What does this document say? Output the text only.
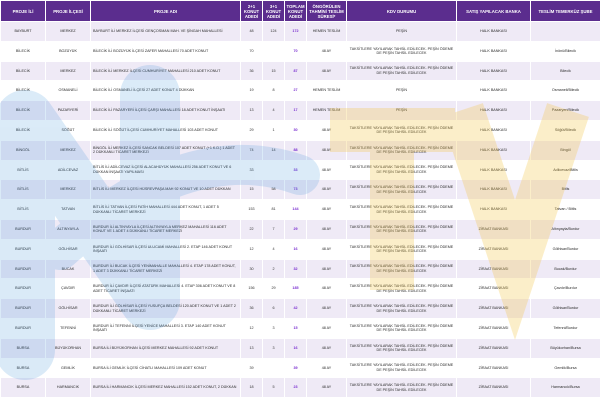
PROJE İLİ	PROJE İLÇESİ	PROJE ADI	2+1 KONUT ADEDİ	3+1 KONUT ADEDİ	TOPLAM KONUT ADEDİ	ÖNGÖRÜLEN TAHMİNİ TESLİM SÜRESİ*	KDV DURUMU	SATIŞ YAPILACAK BANKA	TESLİM TEMERKÜZ ŞUBE
BAYBURT	MERKEZ	BAYBURT İLİ MERKEZ İLÇESİ GENÇOSMAN MAH. VE ŞİNGAH MAHALLESİ	48	124	172	HEMEN TESLİM	PEŞİN	HALK BANKASI	
BİLECİK	BOZÜYÜK	BİLECİK İLİ BOZÜYÜK İLÇESİ ZAFER MAHALLESİ 70 ADET KONUT	70		70	48 AY	TAKSİTLERE YAYILARAK TAHSİL EDİLECEK. PEŞİN ÖDEME DE PEŞİN TAHSİL EDİLECEK	HALK BANKASI	İnönü/Bilecik
BİLECİK	MERKEZ	BİLECİK İLİ MERKEZ İLÇESİ CUMHURİYET MAHALLESİ 210 ADET KONUT	36	15	87	48 AY	TAKSİTLERE YAYILARAK TAHSİL EDİLECEK. PEŞİN ÖDEME DE PEŞİN TAHSİL EDİLECEK	HALK BANKASI	Bilecik
BİLECİK	OSMANELİ	BİLECİK İLİ OSMANELİ İLÇESİ 27 ADET KONUT 4 DÜKKAN	19	8	27	HEMEN TESLİM	PEŞİN	HALK BANKASI	Osmaneli/Bilecik
BİLECİK	PAZARYERİ	BİLECİK İLİ PAZARYERİ İLÇESİ ÇARŞI MAHALLESİ 18 ADET KONUT İNŞAATI	13	4	17	HEMEN TESLİM	PEŞİN	HALK BANKASI	Pazaryeri/Bilecik
BİLECİK	SÖĞÜT	BİLECİK İLİ SÖĞÜT İLÇESİ CUMHURİYET MAHALLESİ 103 ADET KONUT	29	1	30	48 AY	TAKSİTLERE YAYILARAK TAHSİL EDİLECEK. PEŞİN ÖDEME DE PEŞİN TAHSİL EDİLECEK	HALK BANKASI	Söğüt/Bilecik
BİNGÖL	MERKEZ	BİNGÖL İLİ MERKEZ İLÇESİ SANCAK BELDESİ 107 ADET KONUT (+1 K.D.) 1 ADET 2 DÜKKANLI TİCARET MERKEZİ	74	14	88	48 AY	TAKSİTLERE YAYILARAK TAHSİL EDİLECEK. PEŞİN ÖDEME DE PEŞİN TAHSİL EDİLECEK	HALK BANKASI	Bingöl
BİTLİS	ADİLCEVAZ	BİTLİS İLİ ADİLCEVAZ İLÇESİ ALACAHÜYÜK MAHALLESİ 256 ADET KONUT VE 6 DÜKKAN İNŞAATI YAPILMASI	33		33	48 AY	TAKSİTLERE YAYILARAK TAHSİL EDİLECEK. PEŞİN ÖDEME DE PEŞİN TAHSİL EDİLECEK	HALK BANKASI	Adilcevaz/Bitlis
BİTLİS	MERKEZ	BİTLİS İLİ MERKEZ İLÇESİ HÜSREVPAŞA MAH 92 KONUT VE 10 ADET DÜKKAN	15	58	73	48 AY	TAKSİTLERE YAYILARAK TAHSİL EDİLECEK. PEŞİN ÖDEME DE PEŞİN TAHSİL EDİLECEK	HALK BANKASI	Bitlis
BİTLİS	TATVAN	BİTLİS İLİ TATVAN İLÇESİ FATİH MAHALLESİ 444 ADET KONUT, 1 ADET 5 DÜKKANLI TİCARET MERKEZİ	153	81	144	48 AY	TAKSİTLERE YAYILARAK TAHSİL EDİLECEK. PEŞİN ÖDEME DE PEŞİN TAHSİL EDİLECEK	HALK BANKASI	Tatvan / Bitlis
BURDUR	ALTINYAYLA	BURDUR İLİ ALTINYAYLA İLÇESİ ALTINYAYLA MERKEZ MAHALLESİ 116 ADET KONUT VE 1 ADET 4 DÜKKANLI TİCARET MERKEZİ	22	7	29	48 AY	TAKSİTLERE YAYILARAK TAHSİL EDİLECEK. PEŞİN ÖDEME DE PEŞİN TAHSİL EDİLECEK	ZİRAAT BANKASI	Altınyayla/Burdur
BURDUR	GÖLHİSAR	BURDUR İLİ GÖLHİSAR İLÇESİ ULUCAMİ MAHALLESİ 2. ETAP 146 ADET KONUT İNŞAATI	12	4	16	48 AY	TAKSİTLERE YAYILARAK TAHSİL EDİLECEK. PEŞİN ÖDEME DE PEŞİN TAHSİL EDİLECEK	ZİRAAT BANKASI	Gölhisar/Burdur
BURDUR	BUCAK	BURDUR İLİ BUCAK İLÇESİ YENİMAHALLE MAHALLESİ 4. ETAP 178 ADET KONUT, 1 ADET 3 DÜKKANLI TİCARET MERKEZİ	30	2	32	48 AY	TAKSİTLERE YAYILARAK TAHSİL EDİLECEK. PEŞİN ÖDEME DE PEŞİN TAHSİL EDİLECEK	ZİRAAT BANKASI	Bucak/Burdur
BURDUR	ÇAVDIR	BURDUR İLİ ÇAVDIR İLÇESİ ATATÜRK MAHALLESİ 4. ETAP 306 ADET KONUT VE 8 ADET TİCARET İNŞAATI	156	29	185	48 AY	TAKSİTLERE YAYILARAK TAHSİL EDİLECEK. PEŞİN ÖDEME DE PEŞİN TAHSİL EDİLECEK	ZİRAAT BANKASI	Çavdır/Burdur
BURDUR	GÖLHİSAR	BURDUR İLİ GÖLHİSAR İLÇESİ YUSUFÇA BELDESİ 120 ADET KONUT VE 1 ADET 2 DÜKKANLI TİCARET MERKEZİ	36	6	42	48 AY	TAKSİTLERE YAYILARAK TAHSİL EDİLECEK. PEŞİN ÖDEME DE PEŞİN TAHSİL EDİLECEK	ZİRAAT BANKASI	Gölhisar/Burdur
BURDUR	TEFENNİ	BURDUR İLİ TEFENNİ İLÇESİ YENİCE MAHALLESİ 3. ETAP 140 ADET KONUT İNŞAATI	12	3	15	48 AY	TAKSİTLERE YAYILARAK TAHSİL EDİLECEK. PEŞİN ÖDEME DE PEŞİN TAHSİL EDİLECEK	ZİRAAT BANKASI	Tefenni/Burdur
BURSA	BÜYÜKORHAN	BURSA İLİ BÜYÜKORHAN İLÇESİ MERKEZ MAHALLESİ 92 ADET KONUT	13	3	16	48 AY	TAKSİTLERE YAYILARAK TAHSİL EDİLECEK. PEŞİN ÖDEME DE PEŞİN TAHSİL EDİLECEK	ZİRAAT BANKASI	Büyükorhan/Bursa
BURSA	GEMLİK	BURSA İLİ GEMLİK İLÇESİ CİHATLI MAHALLESİ 109 ADET KONUT	39		39	48 AY	TAKSİTLERE YAYILARAK TAHSİL EDİLECEK. PEŞİN ÖDEME DE PEŞİN TAHSİL EDİLECEK	ZİRAAT BANKASI	Gemlik/Bursa
BURSA	HARMANCIK	BURSA İLİ HARMANCIK İLÇESİ MERKEZ MAHALLESİ 152 ADET KONUT, 2 DÜKKAN	18	5	23	48 AY	TAKSİTLERE YAYILARAK TAHSİL EDİLECEK. PEŞİN ÖDEME DE PEŞİN TAHSİL EDİLECEK	ZİRAAT BANKASI	Harmancık/Bursa
